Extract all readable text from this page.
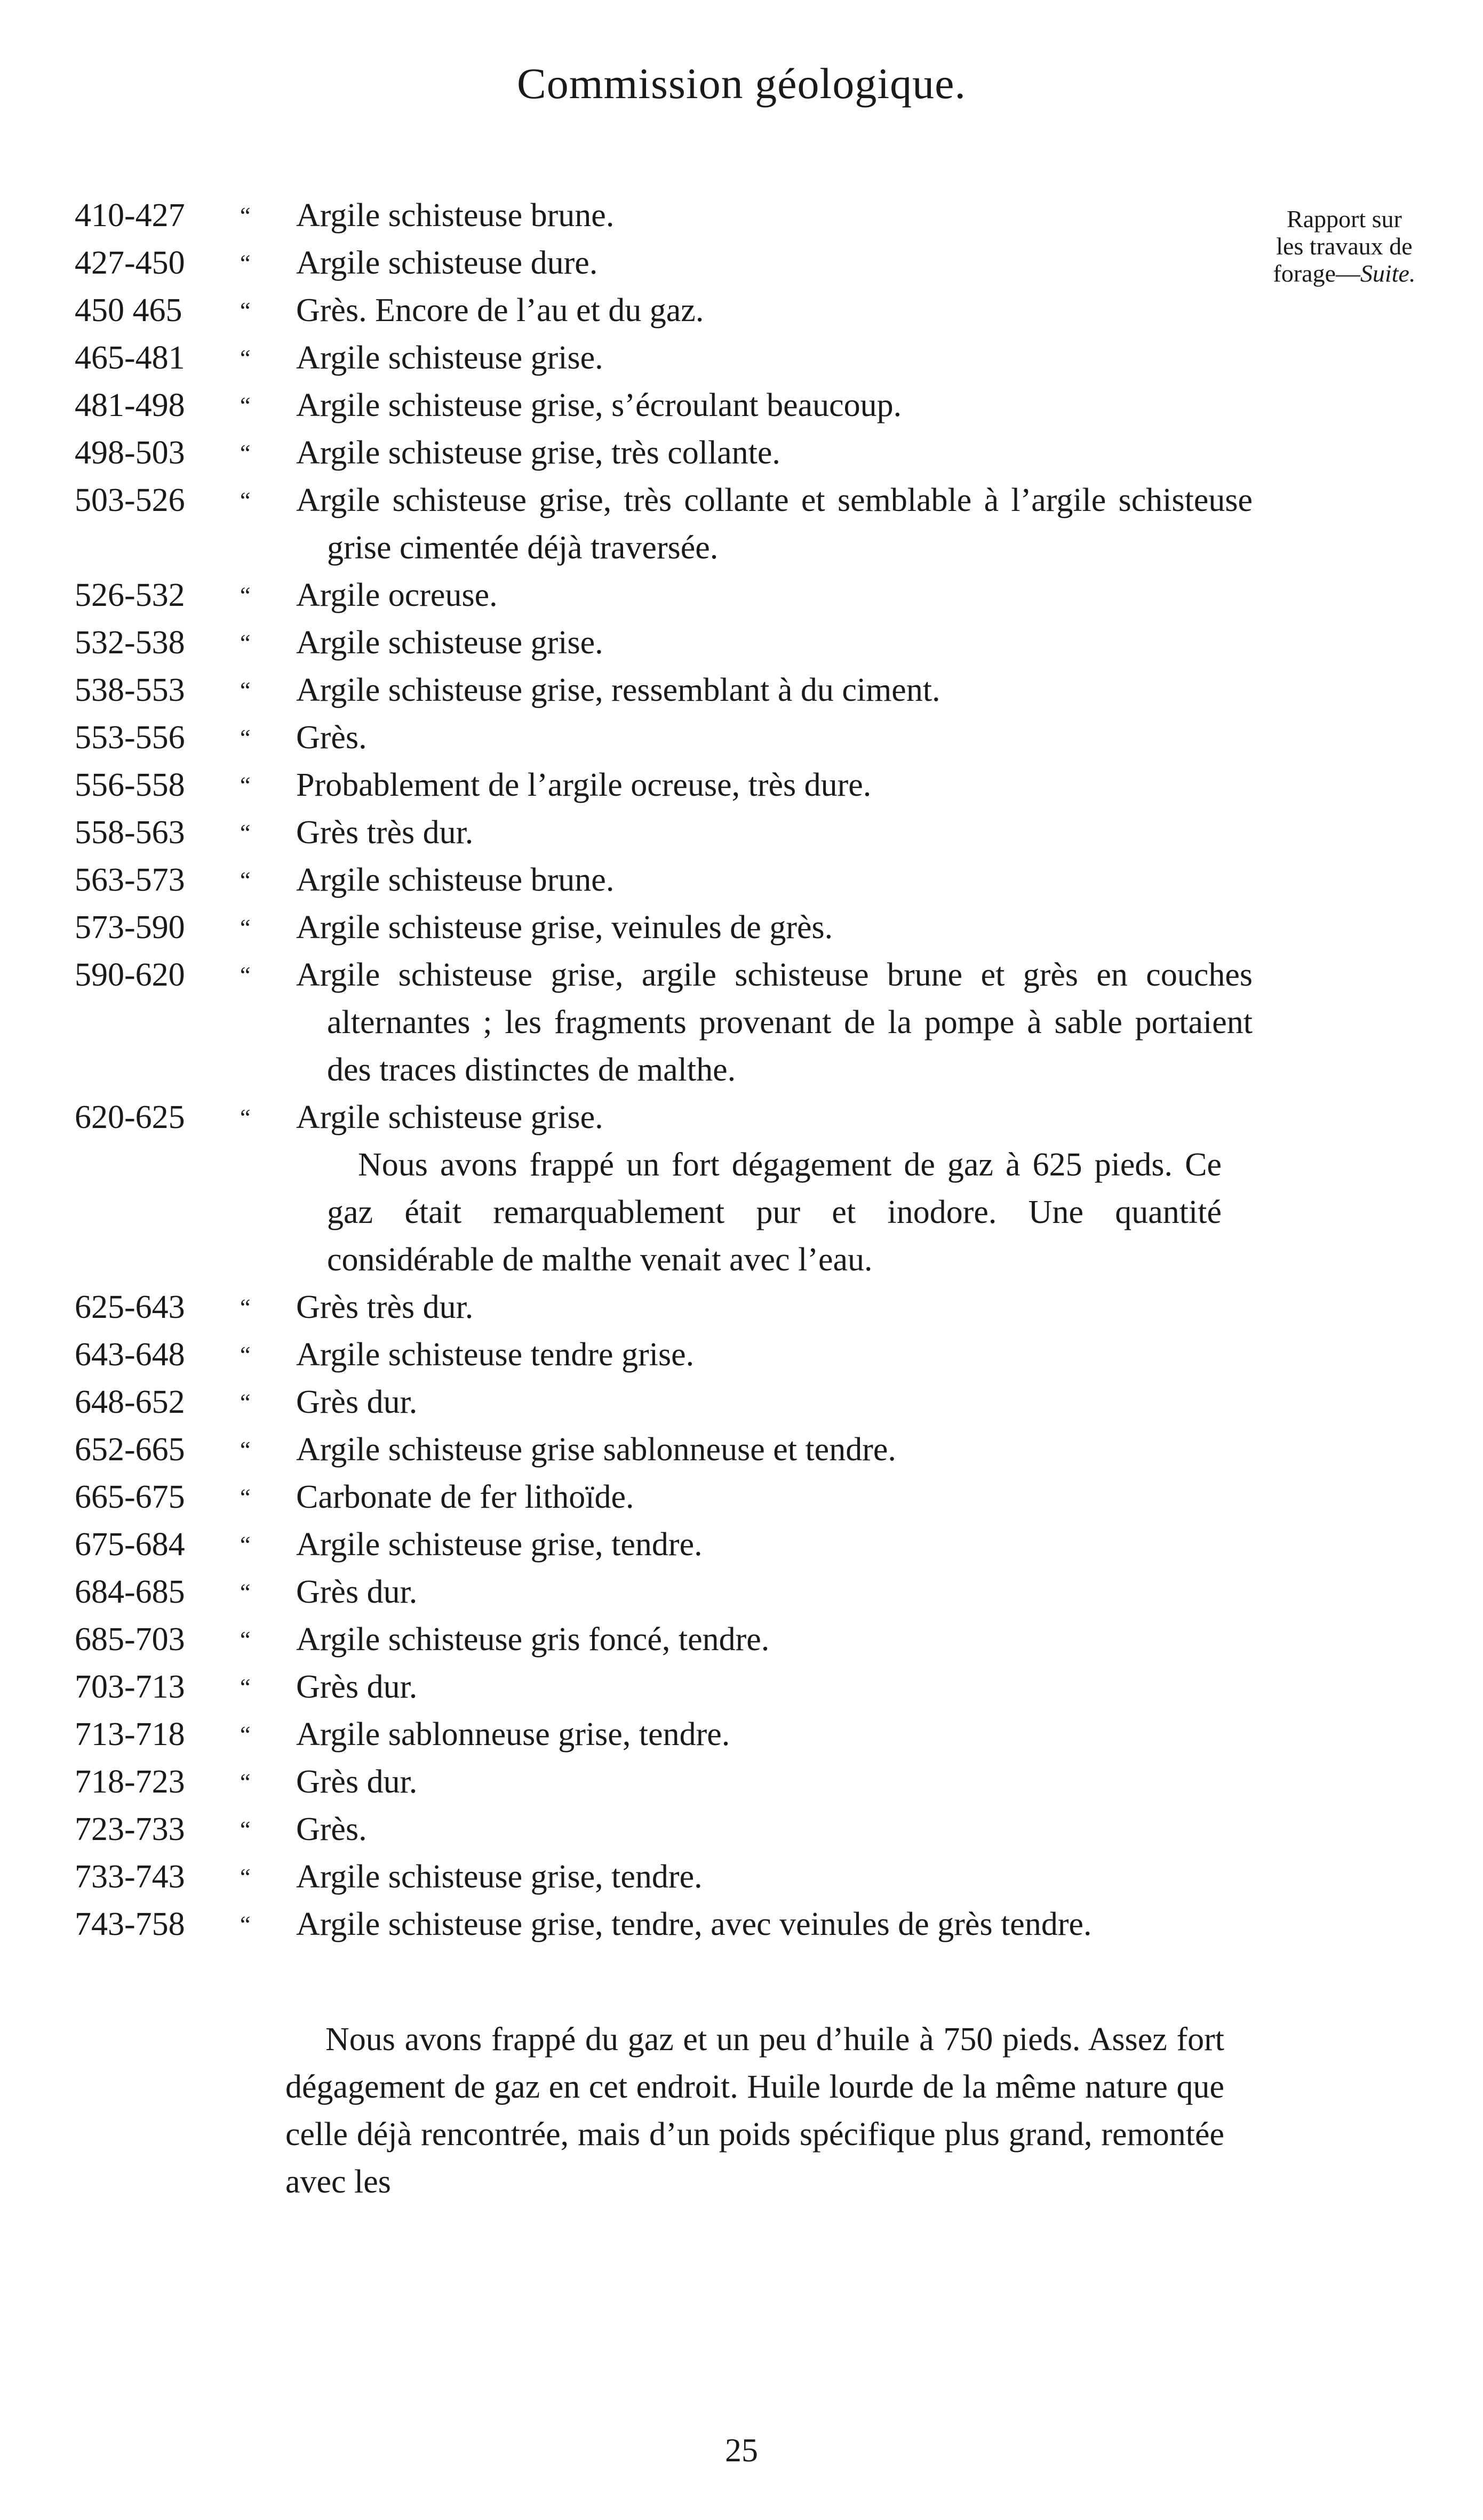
Commission géologique.
Rapport sur
les travaux de
forage—Suite.
410-427 “ Argile schisteuse brune.
427-450 “ Argile schisteuse dure.
450 465 “ Grès. Encore de l’au et du gaz.
465-481 “ Argile schisteuse grise.
481-498 “ Argile schisteuse grise, s’écroulant beaucoup.
498-503 “ Argile schisteuse grise, très collante.
503-526 “ Argile schisteuse grise, très collante et semblable à l’argile schisteuse grise cimentée déjà traversée.
526-532 “ Argile ocreuse.
532-538 “ Argile schisteuse grise.
538-553 “ Argile schisteuse grise, ressemblant à du ciment.
553-556 “ Grès.
556-558 “ Probablement de l’argile ocreuse, très dure.
558-563 “ Grès très dur.
563-573 “ Argile schisteuse brune.
573-590 “ Argile schisteuse grise, veinules de grès.
590-620 “ Argile schisteuse grise, argile schisteuse brune et grès en couches alternantes ; les fragments provenant de la pompe à sable portaient des traces distinctes de malthe.
620-625 “ Argile schisteuse grise.
Nous avons frappé un fort dégagement de gaz à 625 pieds. Ce gaz était remarquablement pur et inodore. Une quantité considérable de malthe venait avec l’eau.
625-643 “ Grès très dur.
643-648 “ Argile schisteuse tendre grise.
648-652 “ Grès dur.
652-665 “ Argile schisteuse grise sablonneuse et tendre.
665-675 “ Carbonate de fer lithoïde.
675-684 “ Argile schisteuse grise, tendre.
684-685 “ Grès dur.
685-703 “ Argile schisteuse gris foncé, tendre.
703-713 “ Grès dur.
713-718 “ Argile sablonneuse grise, tendre.
718-723 “ Grès dur.
723-733 “ Grès.
733-743 “ Argile schisteuse grise, tendre.
743-758 “ Argile schisteuse grise, tendre, avec veinules de grès tendre.
Nous avons frappé du gaz et un peu d’huile à 750 pieds. Assez fort dégagement de gaz en cet endroit. Huile lourde de la même nature que celle déjà rencontrée, mais d’un poids spécifique plus grand, remontée avec les
25
